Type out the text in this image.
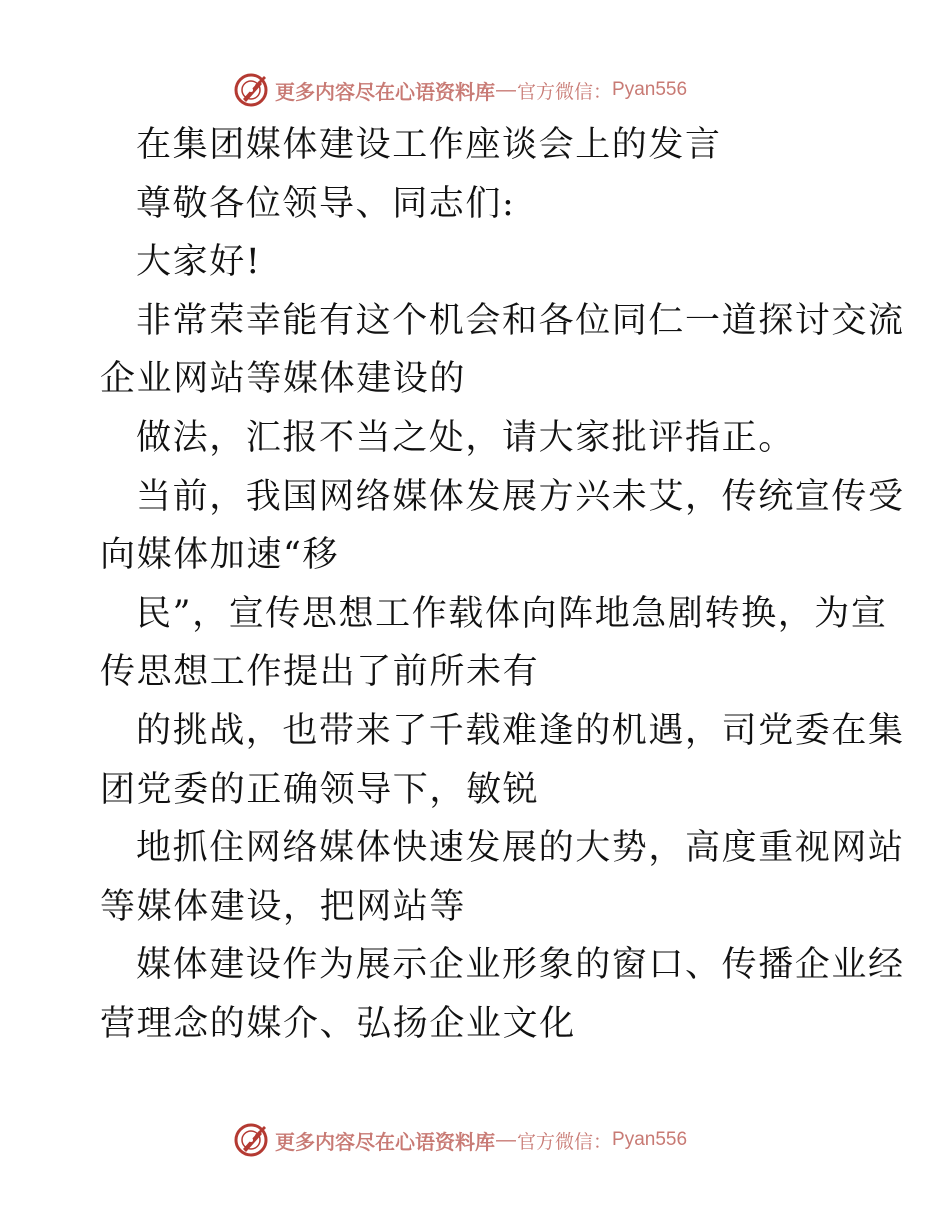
更多内容尽在心语资料库 — 官方微信： Pyan556
在集团媒体建设工作座谈会上的发言
尊敬各位领导、同志们:
大家好!
非常荣幸能有这个机会和各位同仁一道探讨交流
企业网站等媒体建设的
做法，汇报不当之处，请大家批评指正。
当前，我国网络媒体发展方兴未艾，传统宣传受
向媒体加速“移
民”，宣传思想工作载体向阵地急剧转换，为宣
传思想工作提出了前所未有
的挑战，也带来了千载难逢的机遇，司党委在集
团党委的正确领导下，敏锐
地抓住网络媒体快速发展的大势，高度重视网站
等媒体建设，把网站等
媒体建设作为展示企业形象的窗口、传播企业经
营理念的媒介、弘扬企业文化
更多内容尽在心语资料库 — 官方微信： Pyan556
